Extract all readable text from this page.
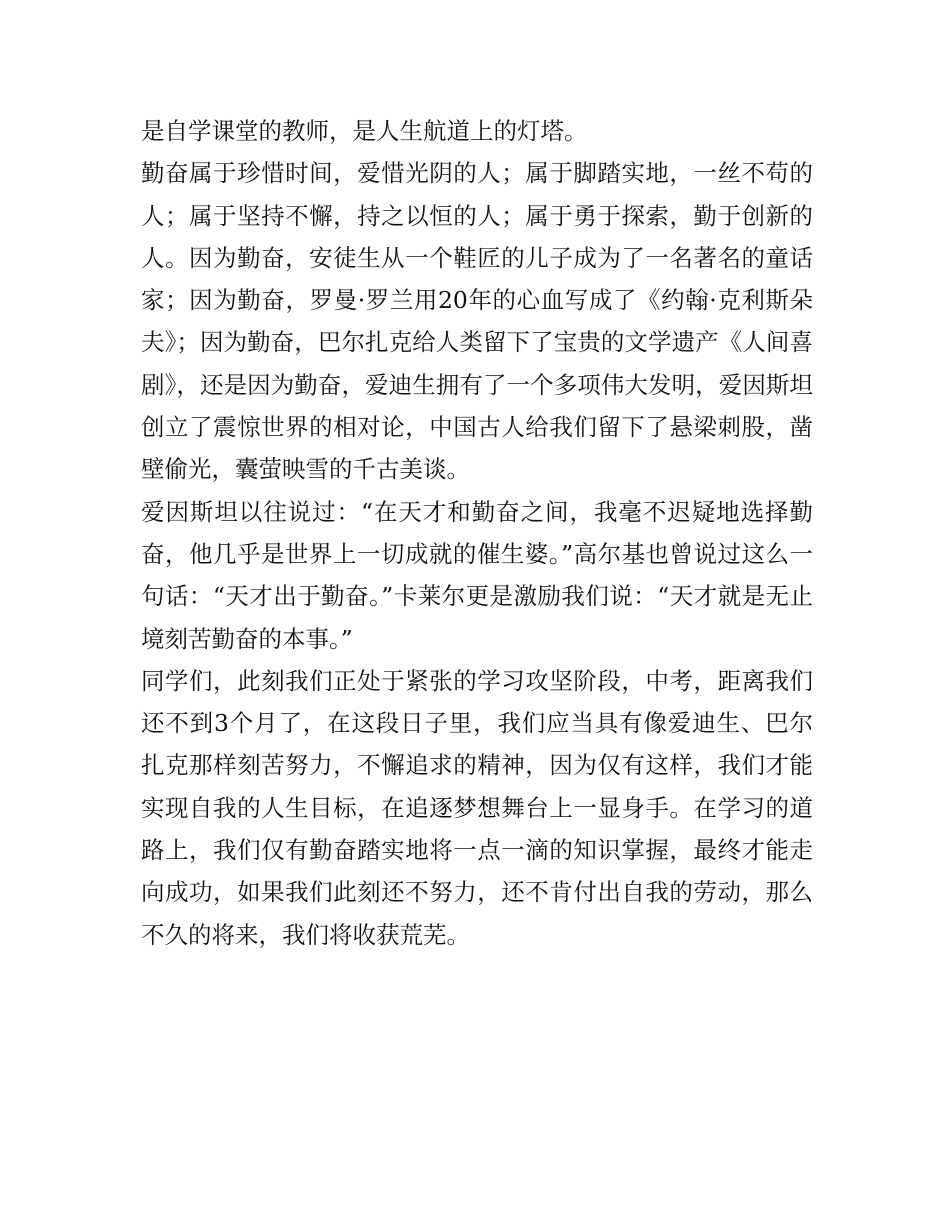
是自学课堂的教师，是人生航道上的灯塔。

勤奋属于珍惜时间，爱惜光阴的人；属于脚踏实地，一丝不苟的人；属于坚持不懈，持之以恒的人；属于勇于探索，勤于创新的人。因为勤奋，安徒生从一个鞋匠的儿子成为了一名著名的童话家；因为勤奋，罗曼·罗兰用20年的心血写成了《约翰·克利斯朵夫》；因为勤奋，巴尔扎克给人类留下了宝贵的文学遗产《人间喜剧》，还是因为勤奋，爱迪生拥有了一个多项伟大发明，爱因斯坦创立了震惊世界的相对论，中国古人给我们留下了悬梁刺股，凿壁偷光，囊萤映雪的千古美谈。

爱因斯坦以往说过：“在天才和勤奋之间，我毫不迟疑地选择勤奋，他几乎是世界上一切成就的催生婆。”高尔基也曾说过这么一句话：“天才出于勤奋。”卡莱尔更是激励我们说：“天才就是无止境刻苦勤奋的本事。”

同学们，此刻我们正处于紧张的学习攻坚阶段，中考，距离我们还不到3个月了，在这段日子里，我们应当具有像爱迪生、巴尔扎克那样刻苦努力，不懈追求的精神，因为仅有这样，我们才能实现自我的人生目标，在追逐梦想舞台上一显身手。在学习的道路上，我们仅有勤奋踏实地将一点一滴的知识掌握，最终才能走向成功，如果我们此刻还不努力，还不肯付出自我的劳动，那么不久的将来，我们将收获荒芜。
